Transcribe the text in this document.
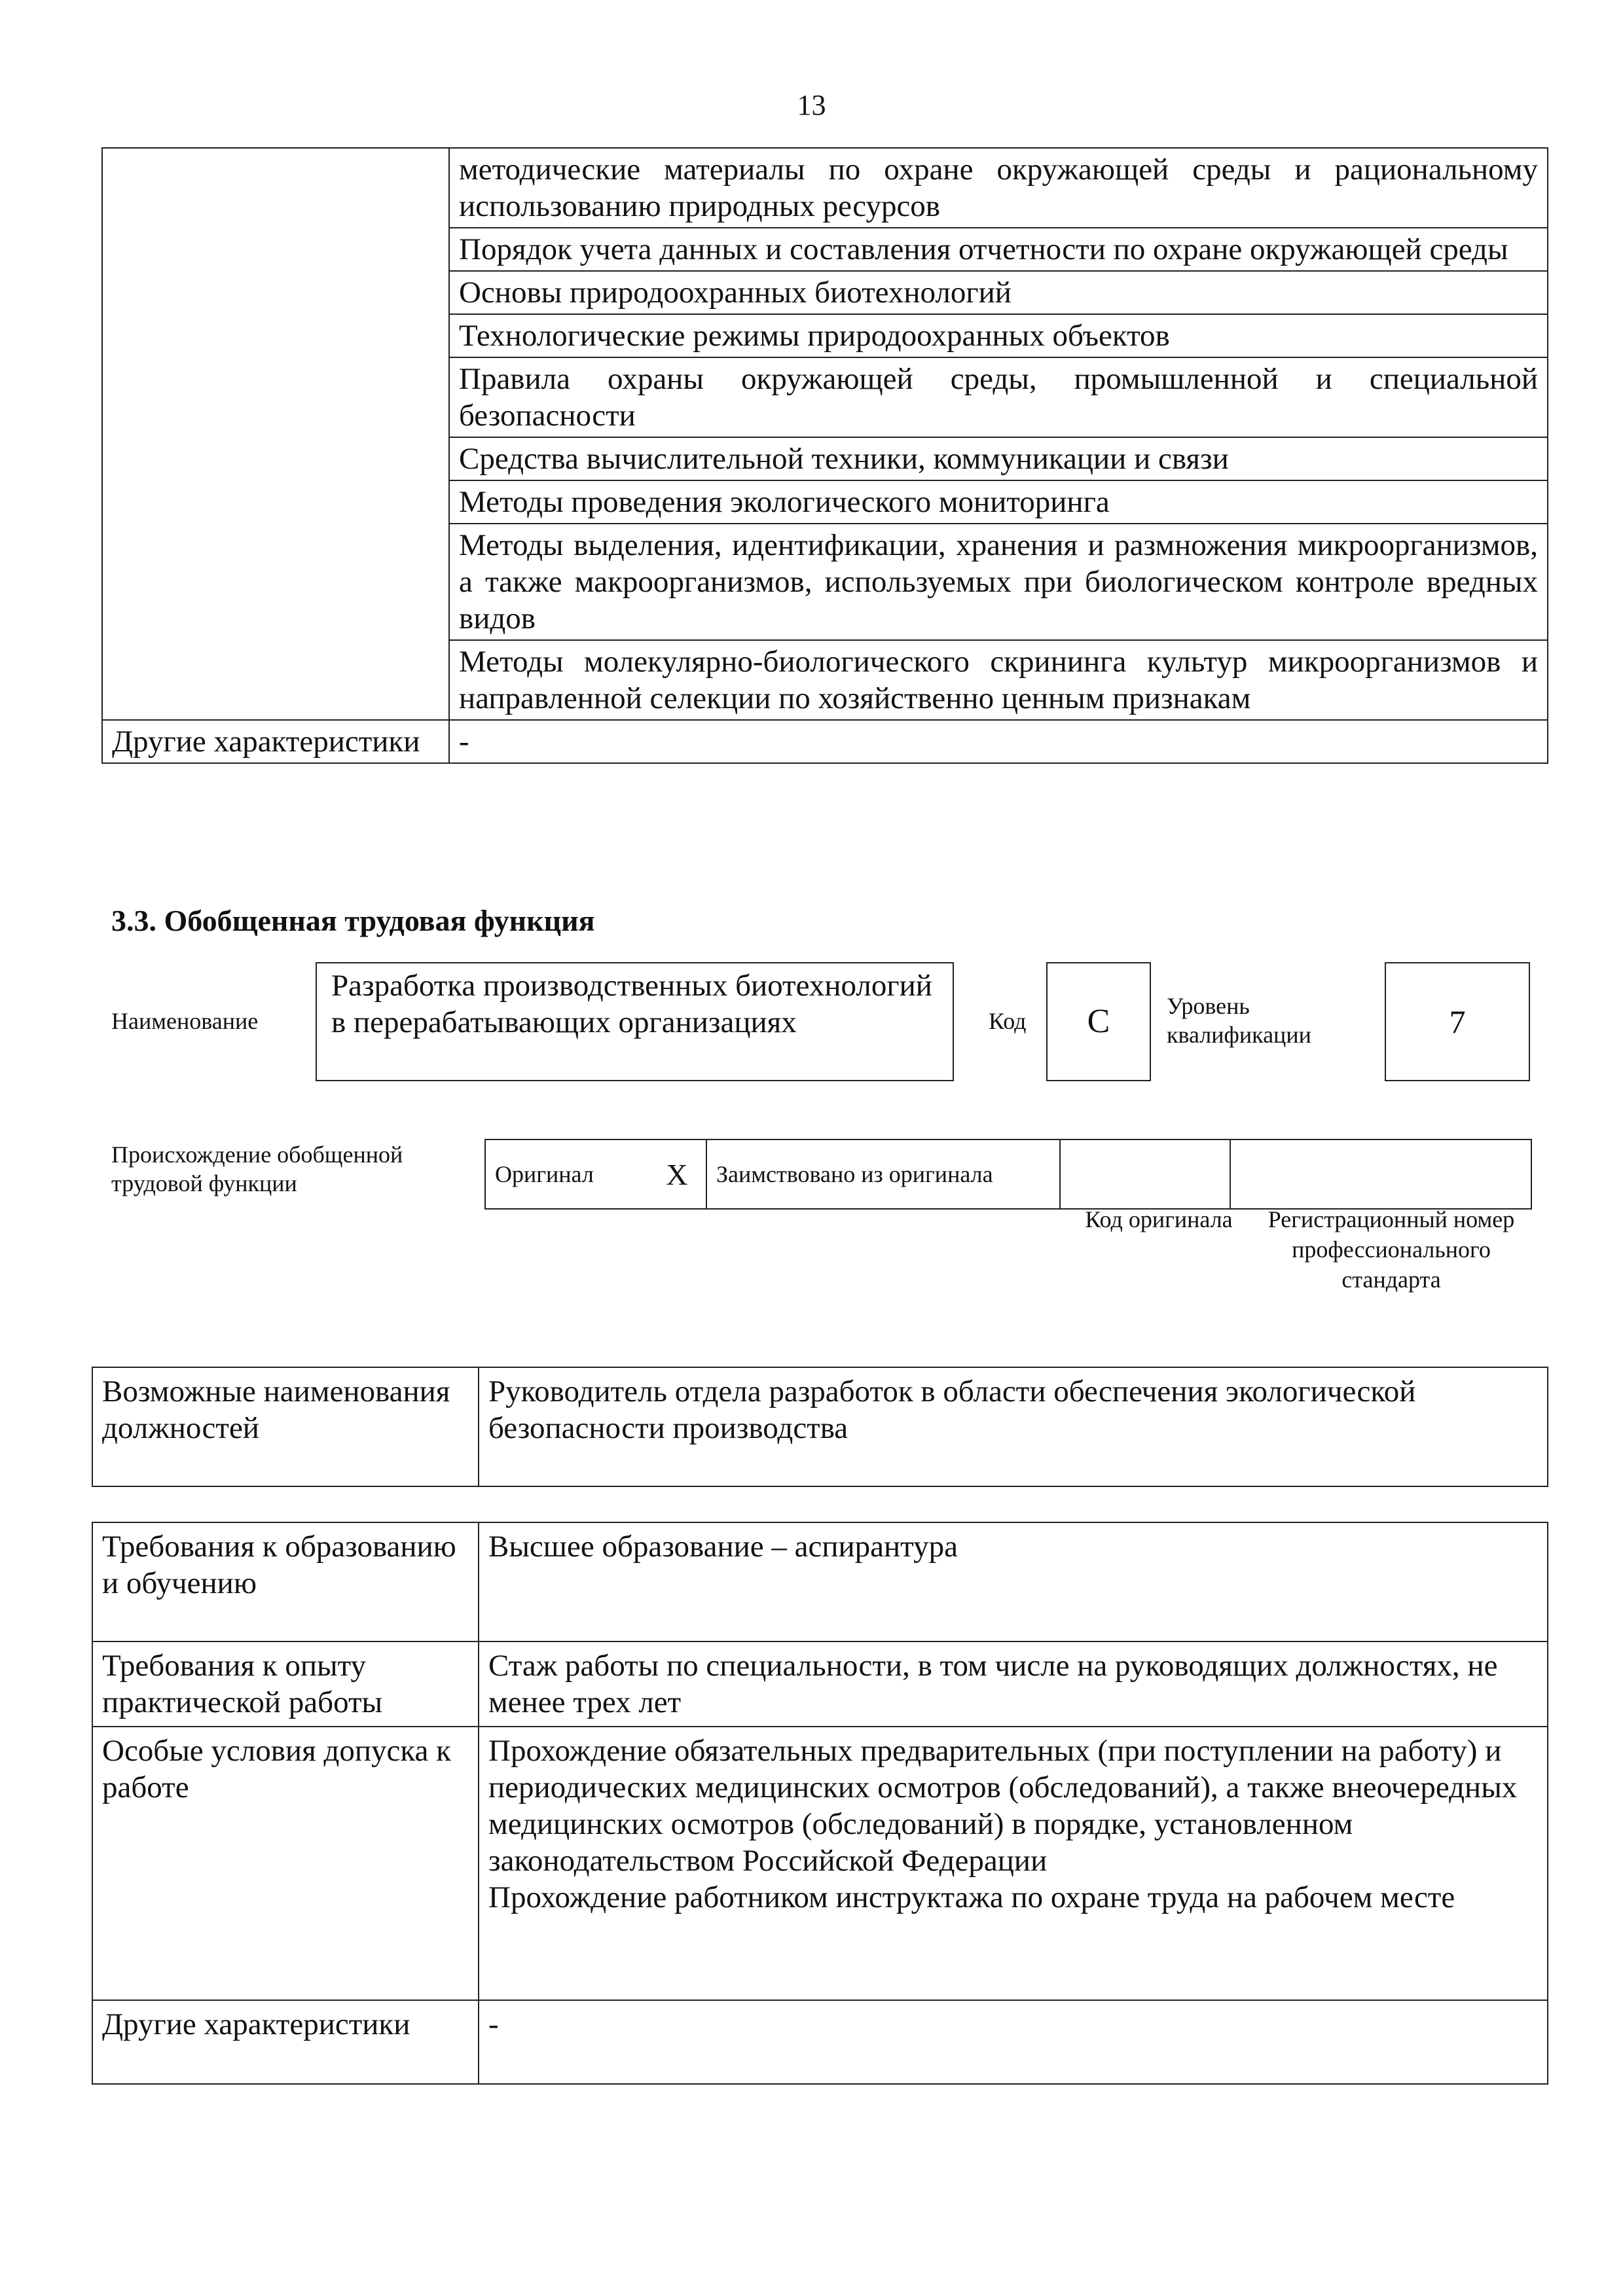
13
	методические материалы по охране окружающей среды и рациональному использованию природных ресурсов
	Порядок учета данных и составления отчетности по охране окружающей среды
	Основы природоохранных биотехнологий
	Технологические режимы природоохранных объектов
	Правила охраны окружающей среды, промышленной и специальной безопасности
	Средства вычислительной техники, коммуникации и связи
	Методы проведения экологического мониторинга
	Методы выделения, идентификации, хранения и размножения микроорганизмов, а также макроорганизмов, используемых при биологическом контроле вредных видов
	Методы молекулярно-биологического скрининга культур микроорганизмов и направленной селекции по хозяйственно ценным признакам
Другие характеристики	-
3.3. Обобщенная трудовая функция
Наименование
Разработка производственных биотехнологий в перерабатывающих организациях	Код	С	Уровень квалификации	7
Происхождение обобщенной трудовой функции	Оригинал	X	Заимствовано из оригинала		
Код оригинала	Регистрационный номер профессионального стандарта
Возможные наименования должностей	Руководитель отдела разработок в области обеспечения экологической безопасности производства
Требования к образованию и обучению	Высшее образование – аспирантура
Требования к опыту практической работы	Стаж работы по специальности, в том числе на руководящих должностях, не менее трех лет
Особые условия допуска к работе	Прохождение обязательных предварительных (при поступлении на работу) и периодических медицинских осмотров (обследований), а также внеочередных медицинских осмотров (обследований) в порядке, установленном законодательством Российской Федерации
Прохождение работником инструктажа по охране труда на рабочем месте

Другие характеристики	-
